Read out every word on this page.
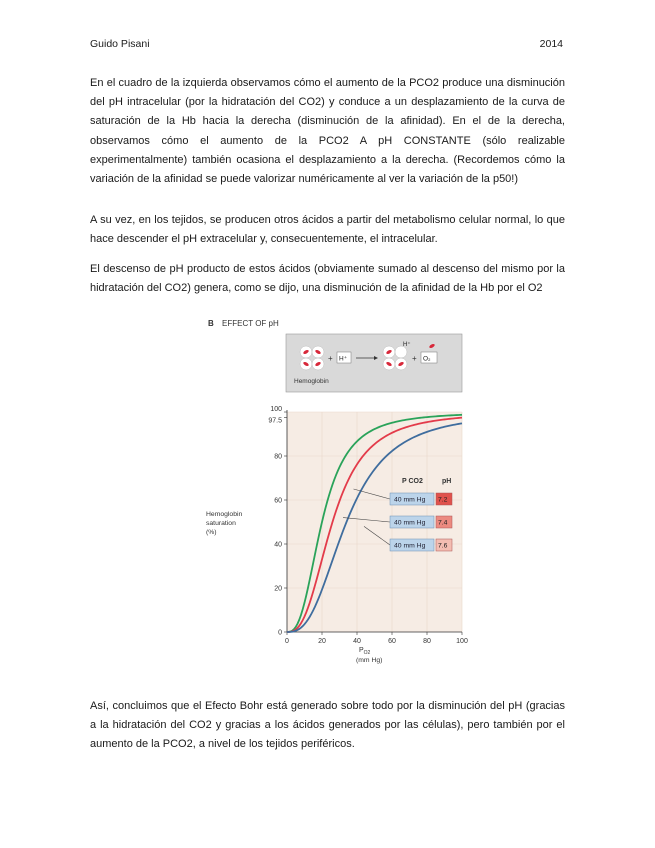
Guido Pisani	2014

En el cuadro de la izquierda observamos cómo el aumento de la PCO2 produce una disminución del pH intracelular (por la hidratación del CO2) y conduce a un desplazamiento de la curva de saturación de la Hb hacia la derecha (disminución de la afinidad). En el de la derecha, observamos cómo el aumento de la PCO2 A pH CONSTANTE (sólo realizable experimentalmente) también ocasiona el desplazamiento a la derecha. (Recordemos cómo la variación de la afinidad se puede valorizar numéricamente al ver la variación de la p50!)

A su vez, en los tejidos, se producen otros ácidos a partir del metabolismo celular normal, lo que hace descender el pH extracelular y, consecuentemente, el intracelular.

El descenso de pH producto de estos ácidos (obviamente sumado al descenso del mismo por la hidratación del CO2) genera, como se dijo, una disminución de la afinidad de la Hb por el O2

B EFFECT OF pH
+ H⁺
H⁺
+ O₂
Hemoglobin
0
20
40
60
80
97.5
100
0	20	40	60	80	100
P CO2	pH
40 mm Hg 7.2
40 mm Hg 7.4
40 mm Hg 7.6
Hemoglobin
saturation
(%)
$P_{O2}$
(mm Hg)

Así, concluimos que el Efecto Bohr está generado sobre todo por la disminución del pH (gracias a la hidratación del CO2 y gracias a los ácidos generados por las células), pero también por el aumento de la PCO2, a nivel de los tejidos periféricos.
